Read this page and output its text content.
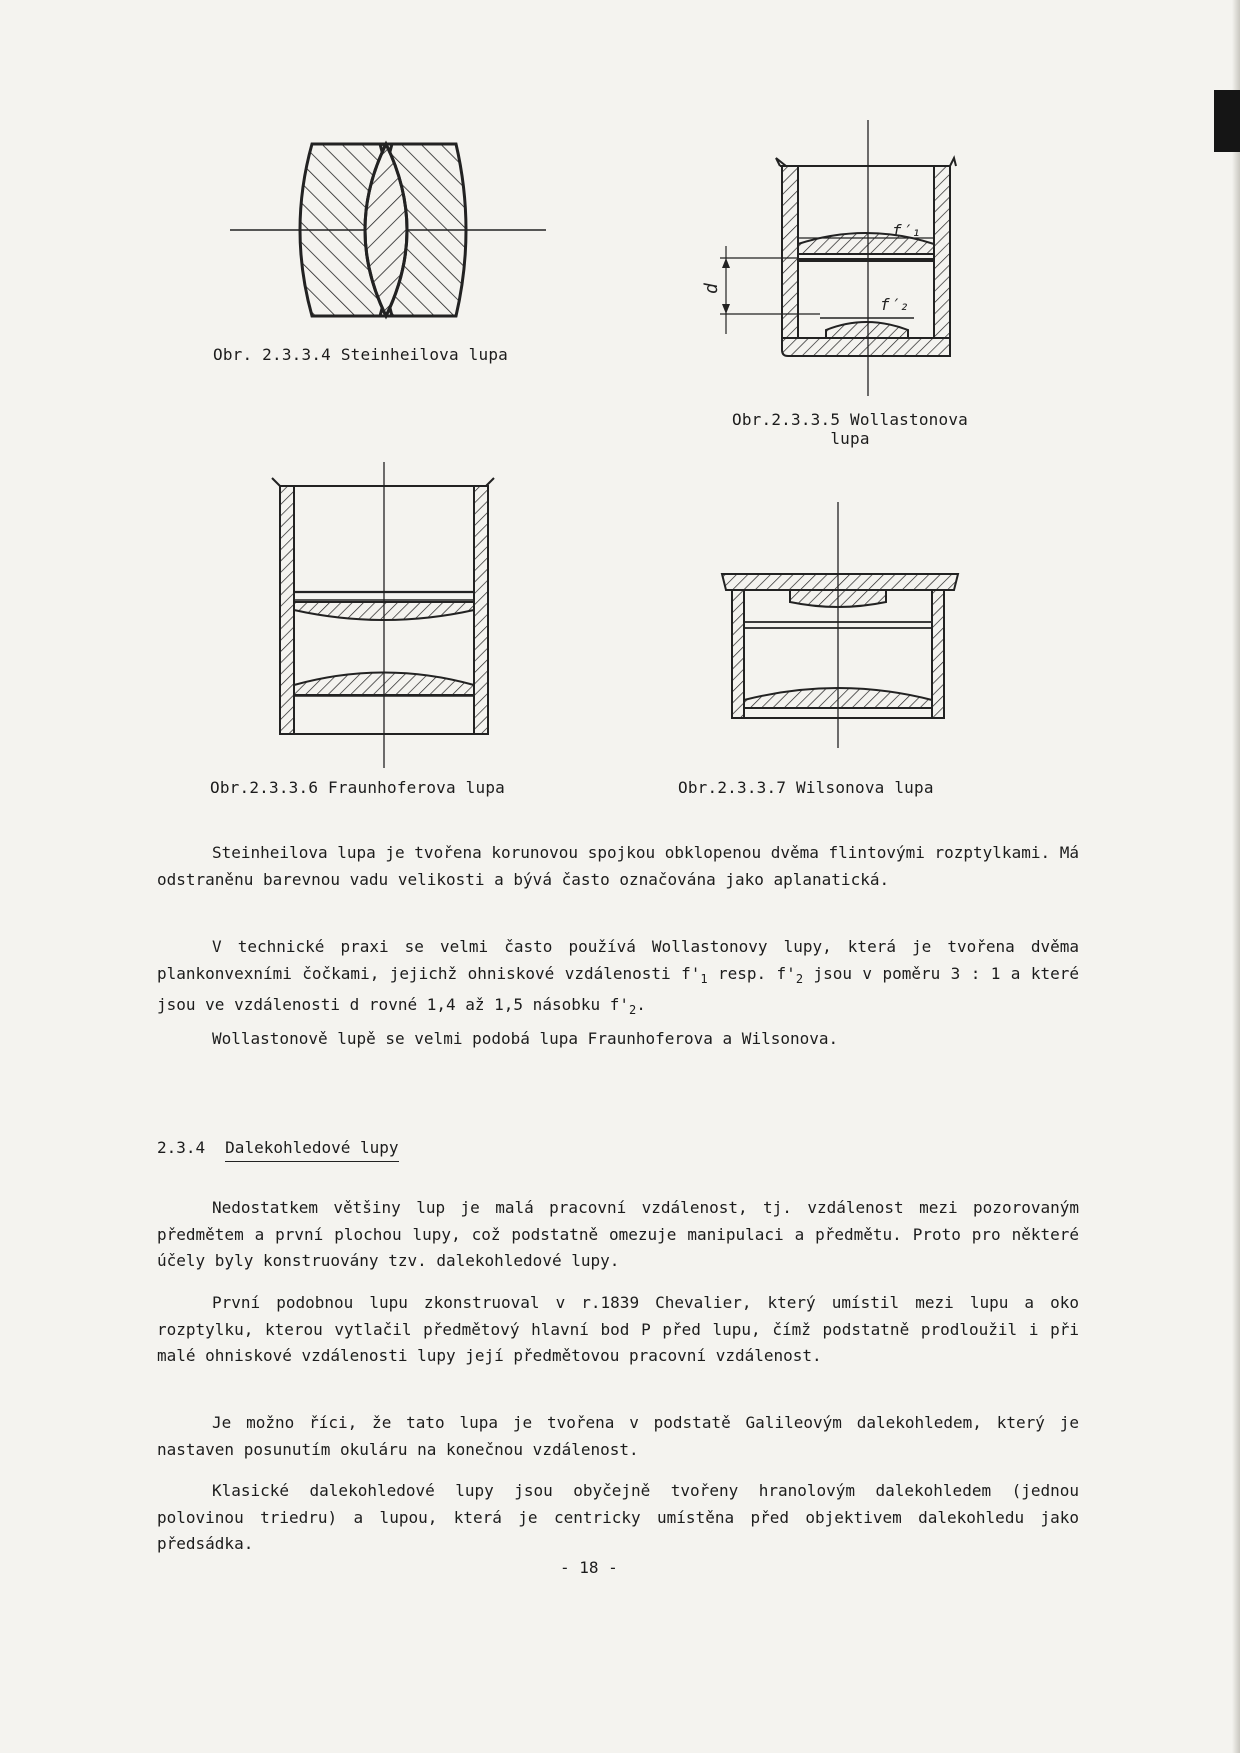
Obr. 2.3.3.4 Steinheilova lupa
d
f′₁
f′₂
Obr.2.3.3.5 Wollastonova
lupa
Obr.2.3.3.6 Fraunhoferova lupa	Obr.2.3.3.7 Wilsonova lupa

Steinheilova lupa je tvořena korunovou spojkou obklopenou dvěma flintovými rozptylkami. Má odstraněnu barevnou vadu velikosti a bývá často označována jako aplanatická.

V technické praxi se velmi často používá Wollastonovy lupy, která je tvořena dvěma plankonvexními čočkami, jejichž ohniskové vzdálenosti $f'_1$ resp. $f'_2$ jsou v poměru 3 : 1 a které jsou ve vzdálenosti d rovné 1,4 až 1,5 násobku $f'_2$.

Wollastonově lupě se velmi podobá lupa Fraunhoferova a Wilsonova.

2.3.4 Dalekohledové lupy

Nedostatkem většiny lup je malá pracovní vzdálenost, tj. vzdálenost mezi pozorovaným předmětem a první plochou lupy, což podstatně omezuje manipulaci a předmětu. Proto pro některé účely byly konstruovány tzv. dalekohledové lupy.

První podobnou lupu zkonstruoval v r.1839 Chevalier, který umístil mezi lupu a oko rozptylku, kterou vytlačil předmětový hlavní bod P před lupu, čímž podstatně prodloužil i při malé ohniskové vzdálenosti lupy její předmětovou pracovní vzdálenost.

Je možno říci, že tato lupa je tvořena v podstatě Galileovým dalekohledem, který je nastaven posunutím okuláru na konečnou vzdálenost.

Klasické dalekohledové lupy jsou obyčejně tvořeny hranolovým dalekohledem (jednou polovinou triedru) a lupou, která je centricky umístěna před objektivem dalekohledu jako předsádka.

- 18 -
